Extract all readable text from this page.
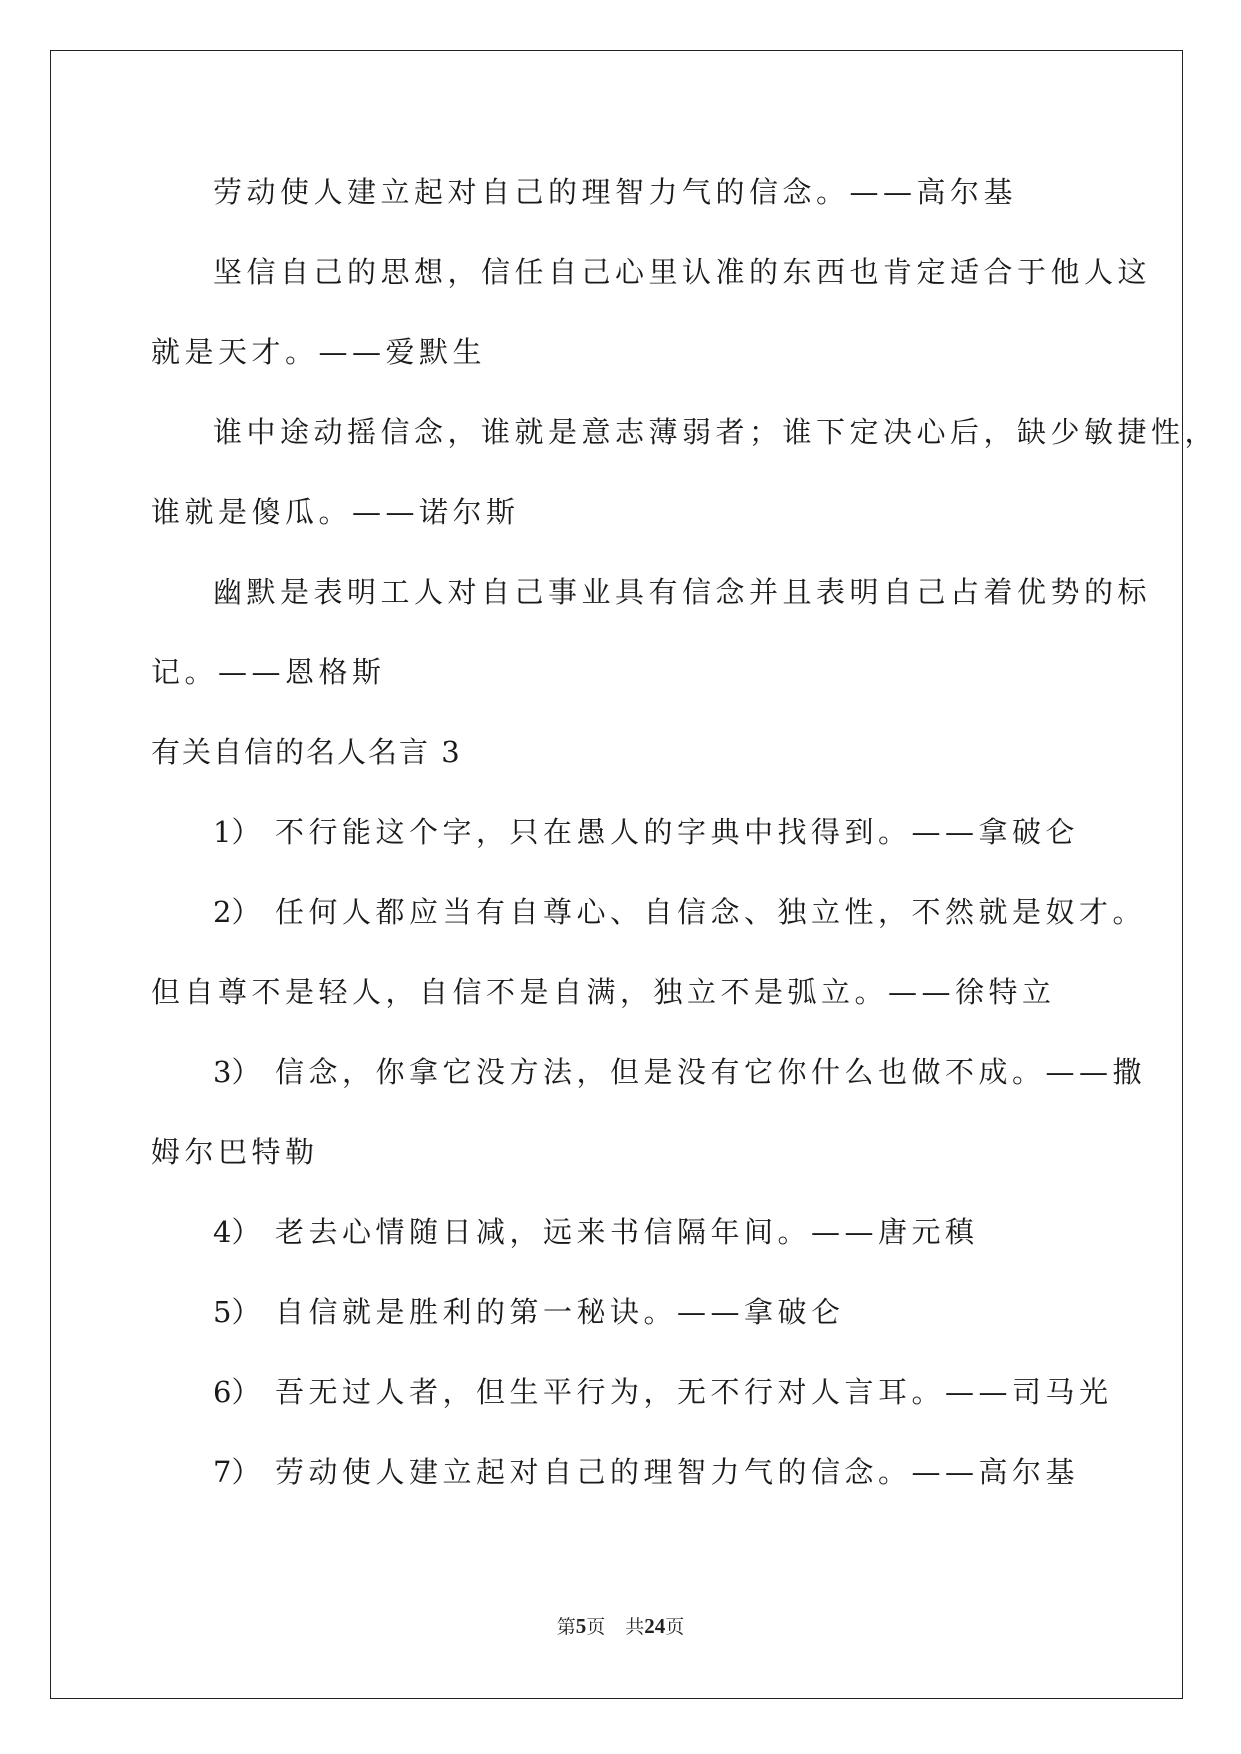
劳动使人建立起对自己的理智力气的信念。——高尔基
坚信自己的思想，信任自己心里认准的东西也肯定适合于他人这
就是天才。——爱默生
谁中途动摇信念，谁就是意志薄弱者；谁下定决心后，缺少敏捷性，
谁就是傻瓜。——诺尔斯
幽默是表明工人对自己事业具有信念并且表明自己占着优势的标
记。——恩格斯
有关自信的名人名言 3
1） 不行能这个字，只在愚人的字典中找得到。——拿破仑
2） 任何人都应当有自尊心、自信念、独立性，不然就是奴才。
但自尊不是轻人，自信不是自满，独立不是弧立。——徐特立
3） 信念，你拿它没方法，但是没有它你什么也做不成。——撒
姆尔巴特勒
4） 老去心情随日减，远来书信隔年间。——唐元稹
5） 自信就是胜利的第一秘诀。——拿破仑
6） 吾无过人者，但生平行为，无不行对人言耳。——司马光
7） 劳动使人建立起对自己的理智力气的信念。——高尔基
第5页 共24页
